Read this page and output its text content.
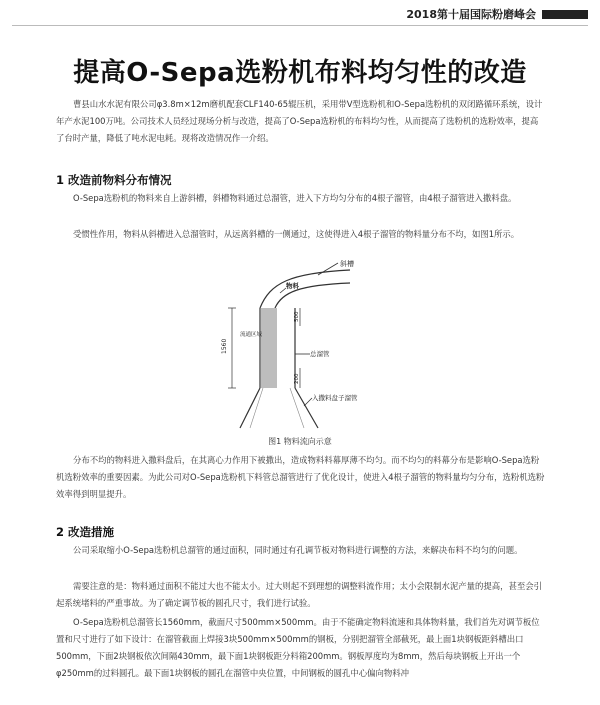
2018第十届国际粉磨峰会
提高O-Sepa选粉机布料均匀性的改造

曹县山水水泥有限公司φ3.8m×12m磨机配套CLF140-65辊压机，采用带V型选粉机和O-Sepa选粉机的双闭路循环系统，设计年产水泥100万吨。公司技术人员经过现场分析与改造，提高了O-Sepa选粉机的布料均匀性，从而提高了选粉机的选粉效率，提高了台时产量，降低了吨水泥电耗。现将改造情况作一介绍。

1 改造前物料分布情况

O-Sepa选粉机的物料来自上游斜槽，斜槽物料通过总溜管，进入下方均匀分布的4根子溜管，由4根子溜管进入撒料盘。

受惯性作用，物料从斜槽进入总溜管时，从远离斜槽的一侧通过，这使得进入4根子溜管的物料量分布不均，如图1所示。

斜槽
物料
流通区域
总溜管
1560
500
200
入撒料盘子溜管
图1 物料流向示意

分布不均的物料进入撒料盘后，在其离心力作用下被撒出，造成物料料幕厚薄不均匀。而不均匀的料幕分布是影响O-Sepa选粉机选粉效率的重要因素。为此公司对O-Sepa选粉机下料管总溜管进行了优化设计，使进入4根子溜管的物料量均匀分布，选粉机选粉效率得到明显提升。

2 改造措施

公司采取缩小O-Sepa选粉机总溜管的通过面积，同时通过有孔调节板对物料进行调整的方法，来解决布料不均匀的问题。

需要注意的是：物料通过面积不能过大也不能太小。过大则起不到理想的调整料流作用；太小会限制水泥产量的提高，甚至会引起系统堵料的严重事故。为了确定调节板的圆孔尺寸，我们进行试验。

O-Sepa选粉机总溜管长1560mm，截面尺寸500mm×500mm。由于不能确定物料流速和具体物料量，我们首先对调节板位置和尺寸进行了如下设计：在溜管截面上焊接3块500mm×500mm的钢板，分别把溜管全部截死，最上面1块钢板距斜槽出口500mm，下面2块钢板依次间隔430mm，最下面1块钢板距分料箱200mm。钢板厚度均为8mm，然后每块钢板上开出一个φ250mm的过料圆孔。最下面1块钢板的圆孔在溜管中央位置，中间钢板的圆孔中心偏向物料冲
